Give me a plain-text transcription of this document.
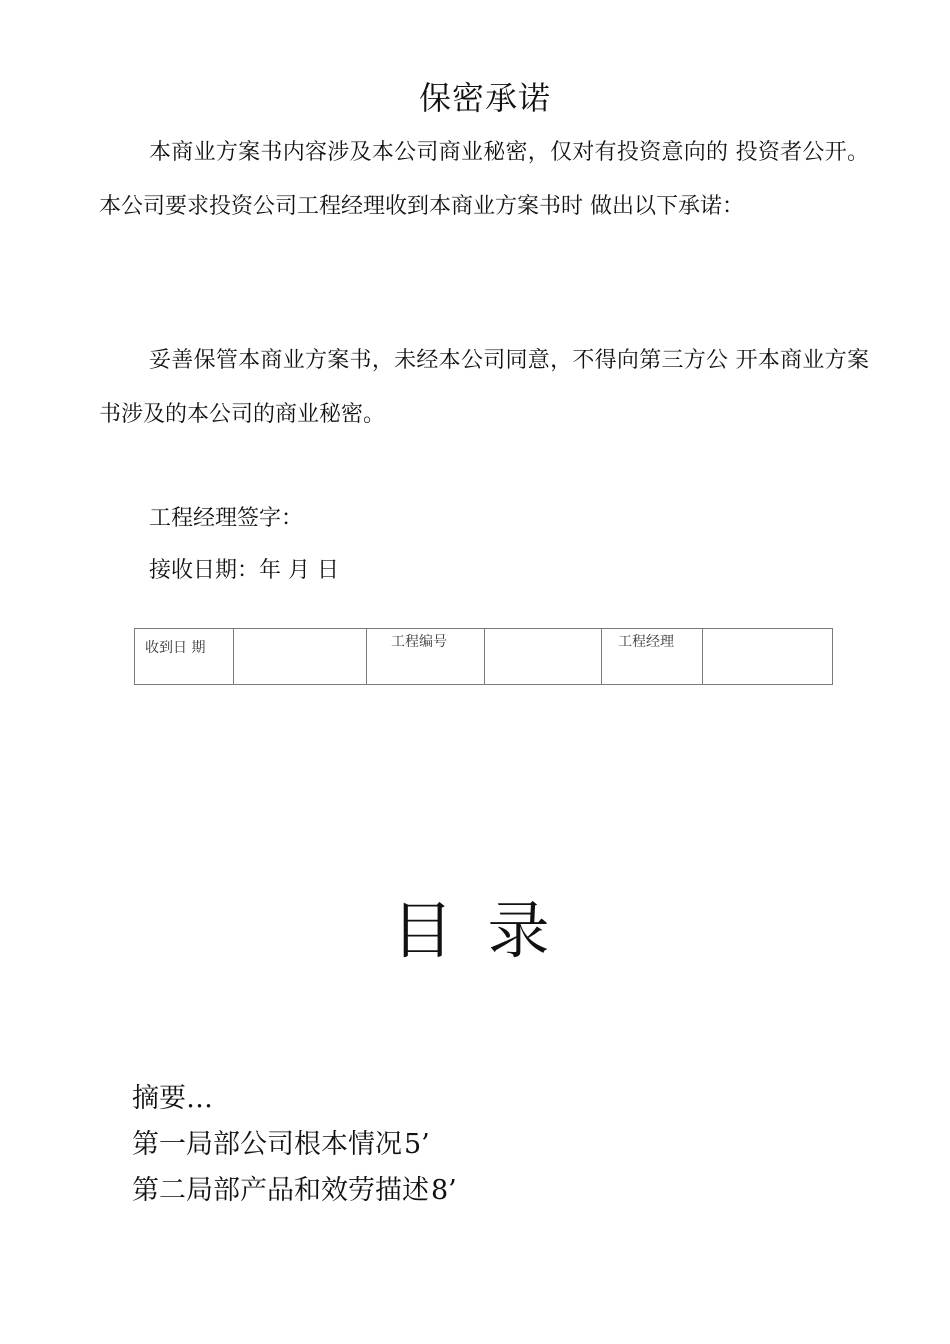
保密承诺

本商业方案书内容涉及本公司商业秘密，仅对有投资意向的 投资者公开。本公司要求投资公司工程经理收到本商业方案书时 做出以下承诺：

妥善保管本商业方案书，未经本公司同意，不得向第三方公 开本商业方案书涉及的本公司的商业秘密。

工程经理签字：
接收日期：年 月 日
收到日 期		工程编号		工程经理	
目录
摘要…
第一局部公司根本情况5’
第二局部产品和效劳描述8’
